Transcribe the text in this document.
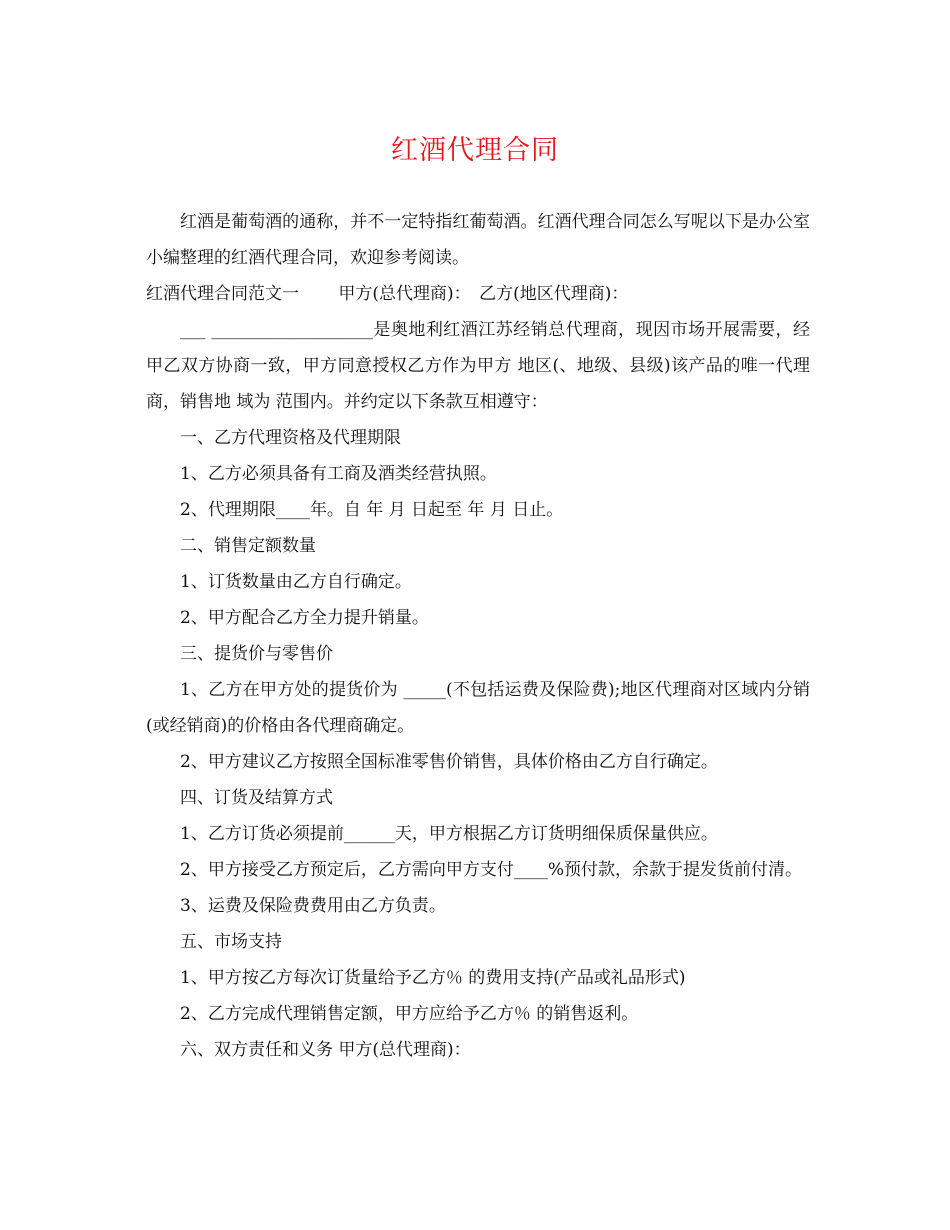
红酒代理合同

红酒是葡萄酒的通称，并不一定特指红葡萄酒。红酒代理合同怎么写呢以下是办公室小编整理的红酒代理合同，欢迎参考阅读。

红酒代理合同范文一　　 甲方(总代理商)：　乙方(地区代理商)：

___ ___________________是奥地利红酒江苏经销总代理商，现因市场开展需要，经甲乙双方协商一致，甲方同意授权乙方作为甲方 地区(、地级、县级)该产品的唯一代理商，销售地 域为 范围内。并约定以下条款互相遵守：

一、乙方代理资格及代理期限

1、乙方必须具备有工商及酒类经营执照。

2、代理期限____年。自 年 月 日起至 年 月 日止。

二、销售定额数量

1、订货数量由乙方自行确定。

2、甲方配合乙方全力提升销量。

三、提货价与零售价

1、乙方在甲方处的提货价为 _____(不包括运费及保险费);地区代理商对区域内分销(或经销商)的价格由各代理商确定。

2、甲方建议乙方按照全国标准零售价销售，具体价格由乙方自行确定。

四、订货及结算方式

1、乙方订货必须提前______天，甲方根据乙方订货明细保质保量供应。

2、甲方接受乙方预定后，乙方需向甲方支付____%预付款，余款于提发货前付清。

3、运费及保险费费用由乙方负责。

五、市场支持

1、甲方按乙方每次订货量给予乙方％ 的费用支持(产品或礼品形式)

2、乙方完成代理销售定额，甲方应给予乙方％ 的销售返利。

六、双方责任和义务 甲方(总代理商)：
